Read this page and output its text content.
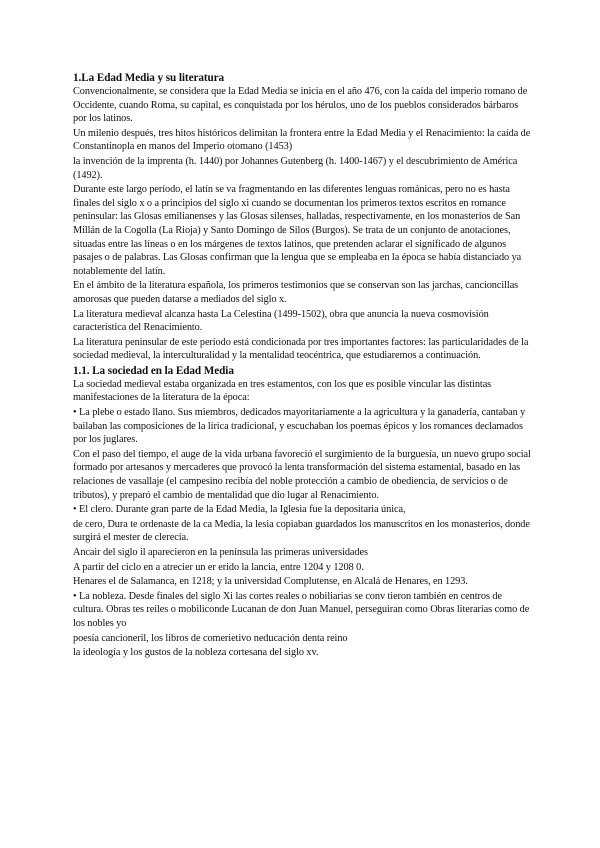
1.La Edad Media y su literatura
Convencionalmente, se considera que la Edad Media se inicia en el año 476, con la caída del imperio romano de Occidente, cuando Roma, su capital, es conquistada por los hérulos, uno de los pueblos considerados bárbaros por los latinos.
Un milenio después, tres hitos históricos delimitan la frontera entre la Edad Media y el Renacimiento: la caída de Constantinopla en manos del Imperio otomano (1453)
la invención de la imprenta (h. 1440) por Johannes Gutenberg (h. 1400-1467) y el descubrimiento de América (1492).
Durante este largo período, el latín se va fragmentando en las diferentes lenguas románicas, pero no es hasta finales del siglo x o a principios del siglo xi cuando se documentan los primeros textos escritos en romance peninsular: las Glosas emilianenses y las Glosas silenses, halladas, respectivamente, en los monasterios de San Millán de la Cogolla (La Rioja) y Santo Domingo de Silos (Burgos). Se trata de un conjunto de anotaciones, situadas entre las líneas o en los márgenes de textos latinos, que pretenden aclarar el significado de algunos pasajes o de palabras. Las Glosas confirman que la lengua que se empleaba en la época se había distanciado ya notablemente del latín.
En el ámbito de la literatura española, los primeros testimonios que se conservan son las jarchas, cancioncillas amorosas que pueden datarse a mediados del siglo x.
La literatura medieval alcanza hasta La Celestina (1499-1502), obra que anuncia la nueva cosmovisión característica del Renacimiento.
La literatura peninsular de este período está condicionada por tres importantes factores: las particularidades de la sociedad medieval, la interculturalidad y la mentalidad teocéntrica, que estudiaremos a continuación.
1.1. La sociedad en la Edad Media
La sociedad medieval estaba organizada en tres estamentos, con los que es posible vincular las distintas manifestaciones de la literatura de la época:
• La plebe o estado llano. Sus miembros, dedicados mayoritariamente a la agricultura y la ganadería, cantaban y bailaban las composiciones de la lírica tradicional, y escuchaban los poemas épicos y los romances declamados por los juglares.
Con el paso del tiempo, el auge de la vida urbana favoreció el surgimiento de la burguesía, un nuevo grupo social formado por artesanos y mercaderes que provocó la lenta transformación del sistema estamental, basado en las relaciones de vasallaje (el campesino recibía del noble protección a cambio de obediencia, de servicios o de tributos), y preparó el cambio de mentalidad que dio lugar al Renacimiento.
• El clero. Durante gran parte de la Edad Media, la Iglesia fue la depositaria única,
de cero, Dura te ordenaste de la ca Media, la lesia copiaban guardados los manuscritos en los monasterios, donde surgirá el mester de clerecía.
Ancair del siglo il aparecieron en la península las primeras universidades
A partir del ciclo en a atrecier un er erido la lancia, entre 1204 y 1208 0.
Henares el de Salamanca, en 1218; y la universidad Complutense, en Alcalá de Henares, en 1293.
• La nobleza. Desde finales del siglo Xi las cortes reales o nobiliarias se conv tieron también en centros de cultura. Obras tes reiles o mobiliconde Lucanan de don Juan Manuel, perseguiran como Obras literarias como de los nobles yo
poesía cancioneril, los libros de comerietivo neducación denta reino
la ideología y los gustos de la nobleza cortesana del siglo xv.
